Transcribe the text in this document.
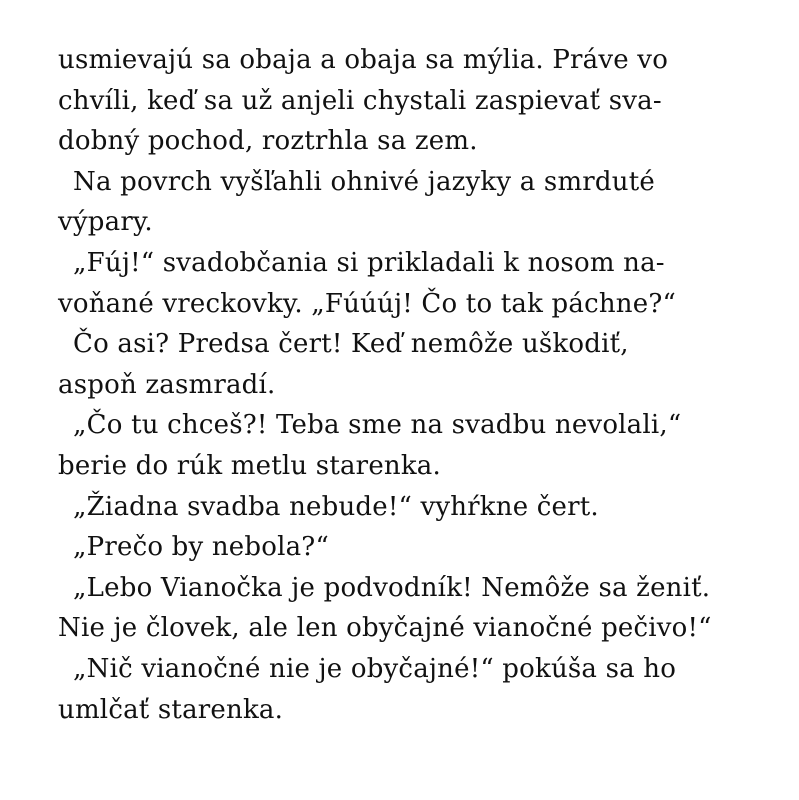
usmievajú sa obaja a obaja sa mýlia. Práve vo
chvíli, keď sa už anjeli chystali zaspievať sva-
dobný pochod, roztrhla sa zem.
Na povrch vyšľahli ohnivé jazyky a smrduté
výpary.
„Fúj!“ svadobčania si prikladali k nosom na-
voňané vreckovky. „Fúúúj! Čo to tak páchne?“
Čo asi? Predsa čert! Keď nemôže uškodiť,
aspoň zasmradí.
„Čo tu chceš?! Teba sme na svadbu nevolali,“
berie do rúk metlu starenka.
„Žiadna svadba nebude!“ vyhŕkne čert.
„Prečo by nebola?“
„Lebo Vianočka je podvodník! Nemôže sa ženiť.
Nie je človek, ale len obyčajné vianočné pečivo!“
„Nič vianočné nie je obyčajné!“ pokúša sa ho
umlčať starenka.
